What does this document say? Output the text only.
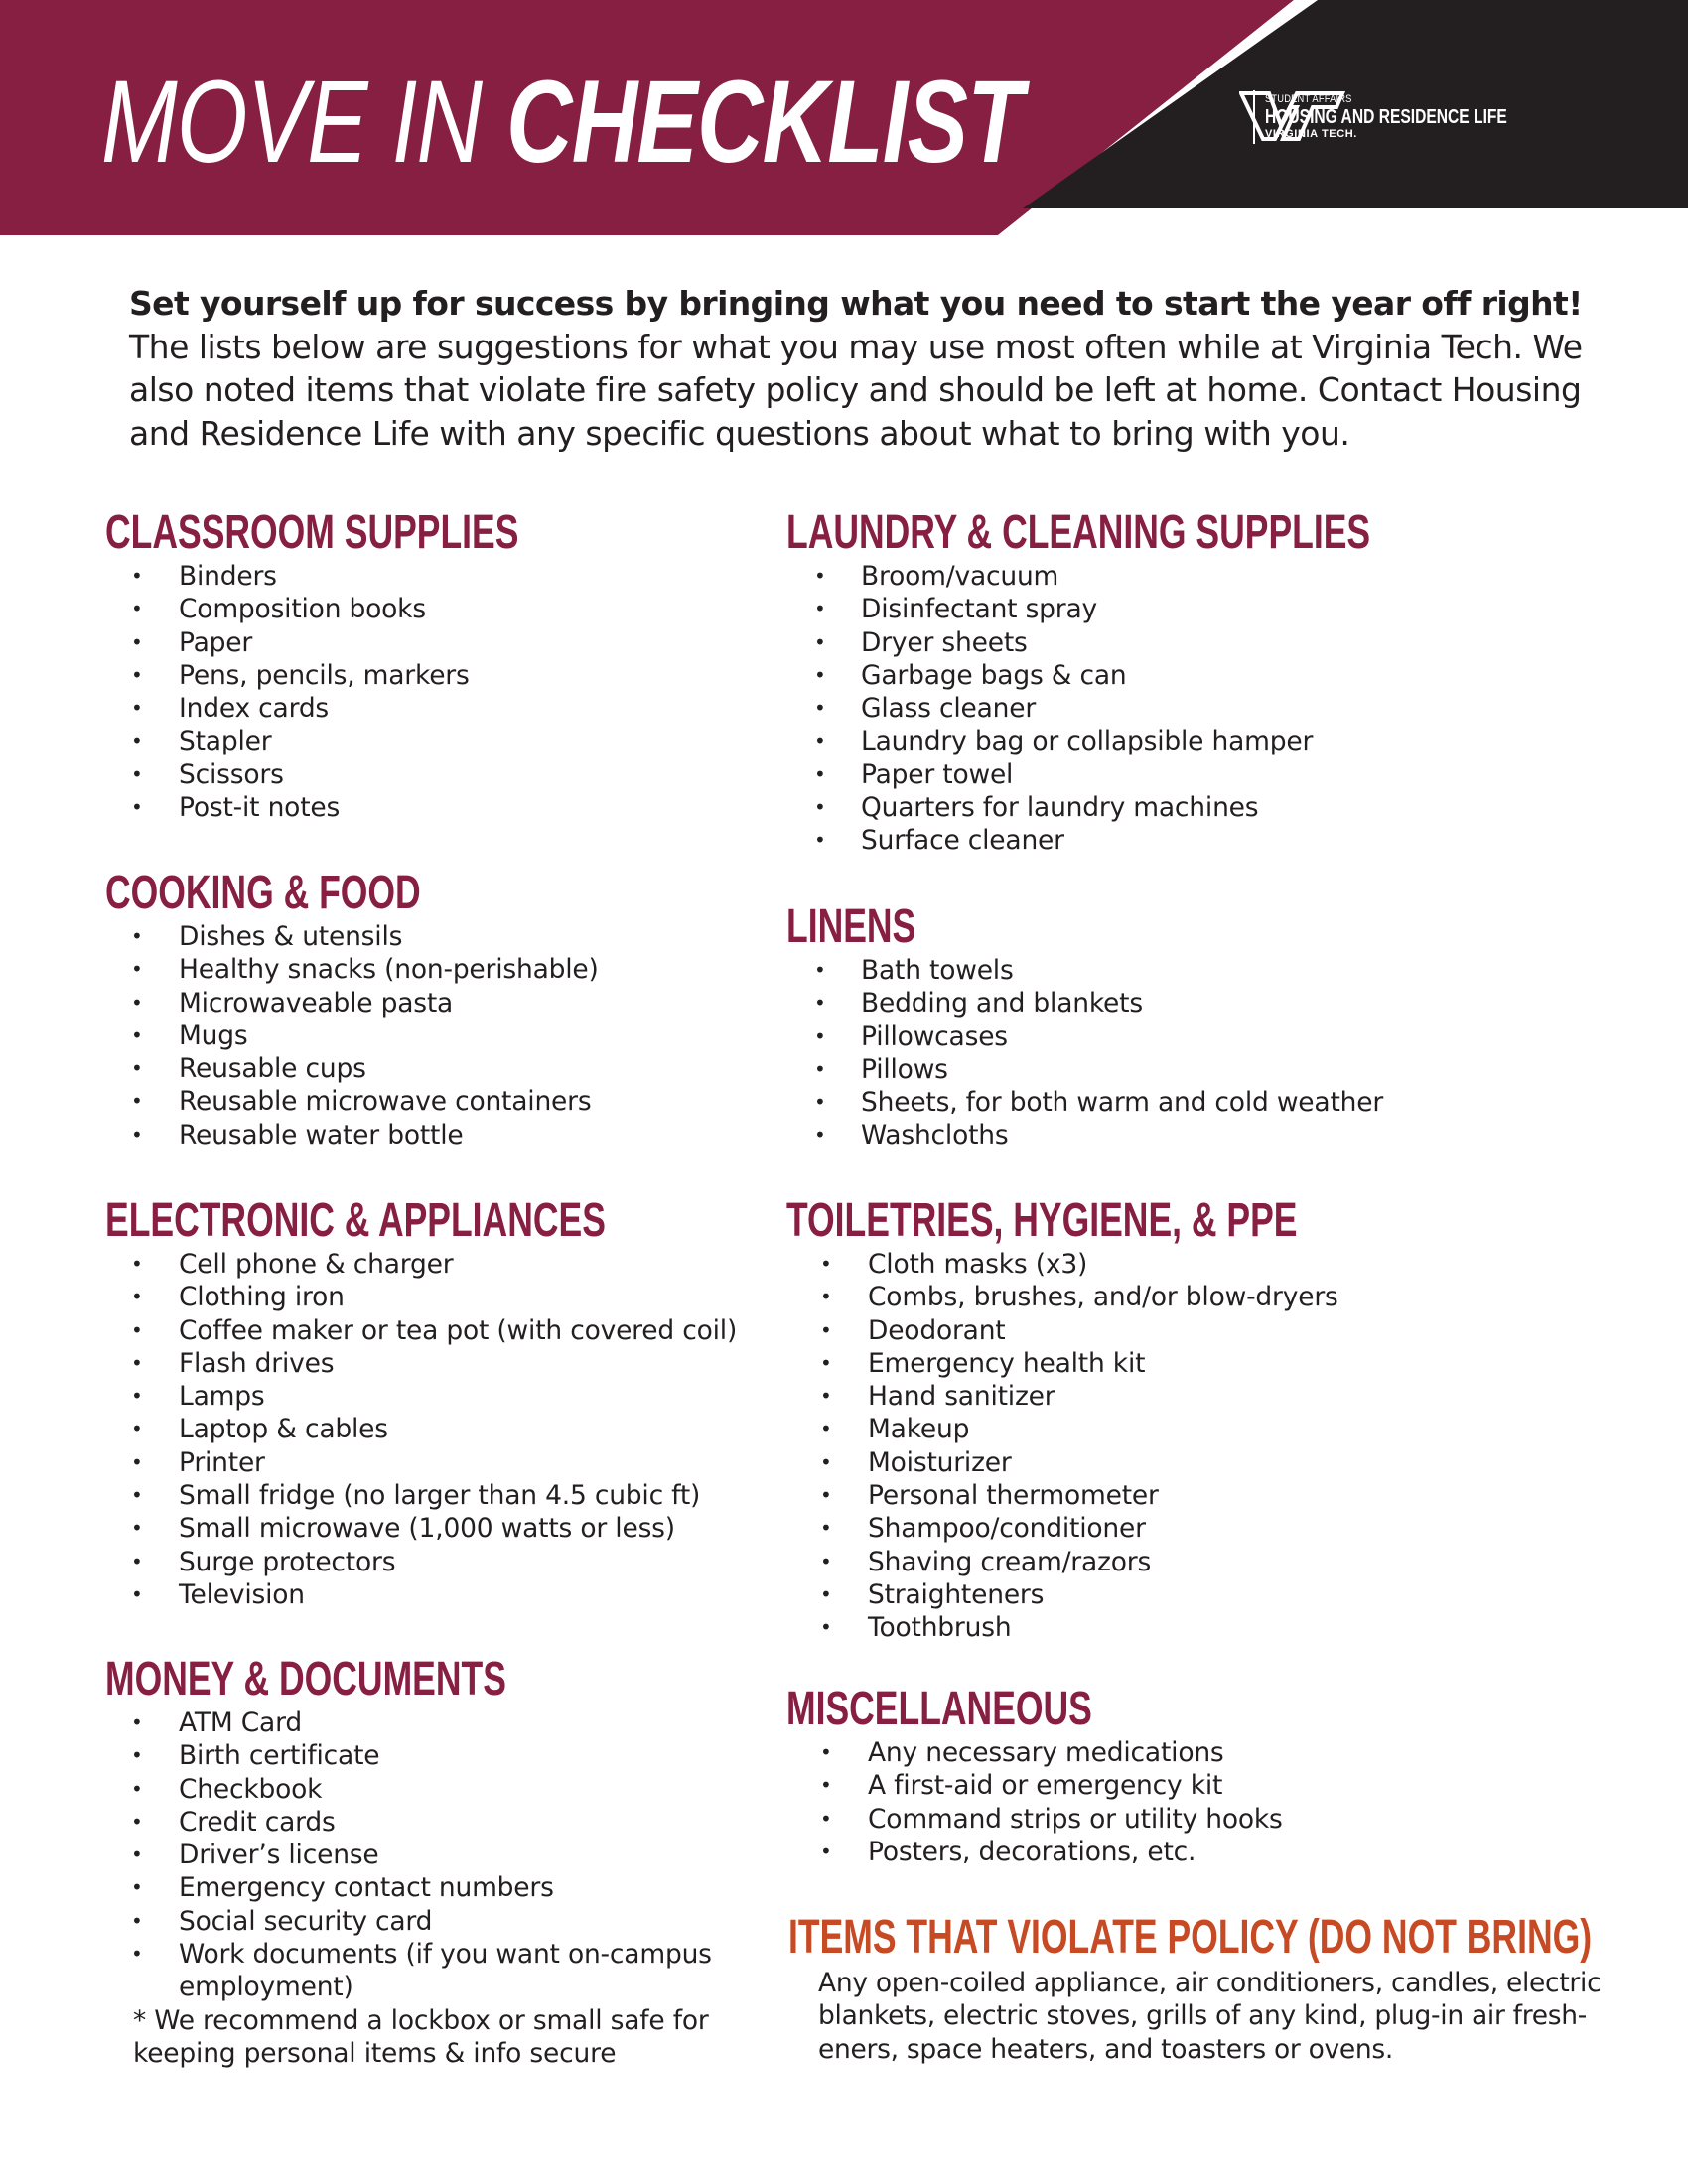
MOVE IN CHECKLIST	STUDENT AFFAIRS
HOUSING AND RESIDENCE LIFE
VIRGINIA TECH.
Set yourself up for success by bringing what you need to start the year off right!
The lists below are suggestions for what you may use most often while at Virginia Tech. We also noted items that violate fire safety policy and should be left at home. Contact Housing and Residence Life with any specific questions about what to bring with you.
CLASSROOM SUPPLIES
•	Binders
•	Composition books
•	Paper
•	Pens, pencils, markers
•	Index cards
•	Stapler
•	Scissors
•	Post-it notes
COOKING & FOOD
•	Dishes & utensils
•	Healthy snacks (non-perishable)
•	Microwaveable pasta
•	Mugs
•	Reusable cups
•	Reusable microwave containers
•	Reusable water bottle
ELECTRONIC & APPLIANCES
•	Cell phone & charger
•	Clothing iron
•	Coffee maker or tea pot (with covered coil)
•	Flash drives
•	Lamps
•	Laptop & cables
•	Printer
•	Small fridge (no larger than 4.5 cubic ft)
•	Small microwave (1,000 watts or less)
•	Surge protectors
•	Television
MONEY & DOCUMENTS
•	ATM Card
•	Birth certificate
•	Checkbook
•	Credit cards
•	Driver’s license
•	Emergency contact numbers
•	Social security card
•	Work documents (if you want on-campus employment)
* We recommend a lockbox or small safe for keeping personal items & info secure
LAUNDRY & CLEANING SUPPLIES
•	Broom/vacuum
•	Disinfectant spray
•	Dryer sheets
•	Garbage bags & can
•	Glass cleaner
•	Laundry bag or collapsible hamper
•	Paper towel
•	Quarters for laundry machines
•	Surface cleaner
LINENS
•	Bath towels
•	Bedding and blankets
•	Pillowcases
•	Pillows
•	Sheets, for both warm and cold weather
•	Washcloths
TOILETRIES, HYGIENE, & PPE
•	Cloth masks (x3)
•	Combs, brushes, and/or blow-dryers
•	Deodorant
•	Emergency health kit
•	Hand sanitizer
•	Makeup
•	Moisturizer
•	Personal thermometer
•	Shampoo/conditioner
•	Shaving cream/razors
•	Straighteners
•	Toothbrush
MISCELLANEOUS
•	Any necessary medications
•	A first-aid or emergency kit
•	Command strips or utility hooks
•	Posters, decorations, etc.
ITEMS THAT VIOLATE POLICY (DO NOT BRING)
Any open-coiled appliance, air conditioners, candles, electric blankets, electric stoves, grills of any kind, plug-in air fresh- eners, space heaters, and toasters or ovens.
